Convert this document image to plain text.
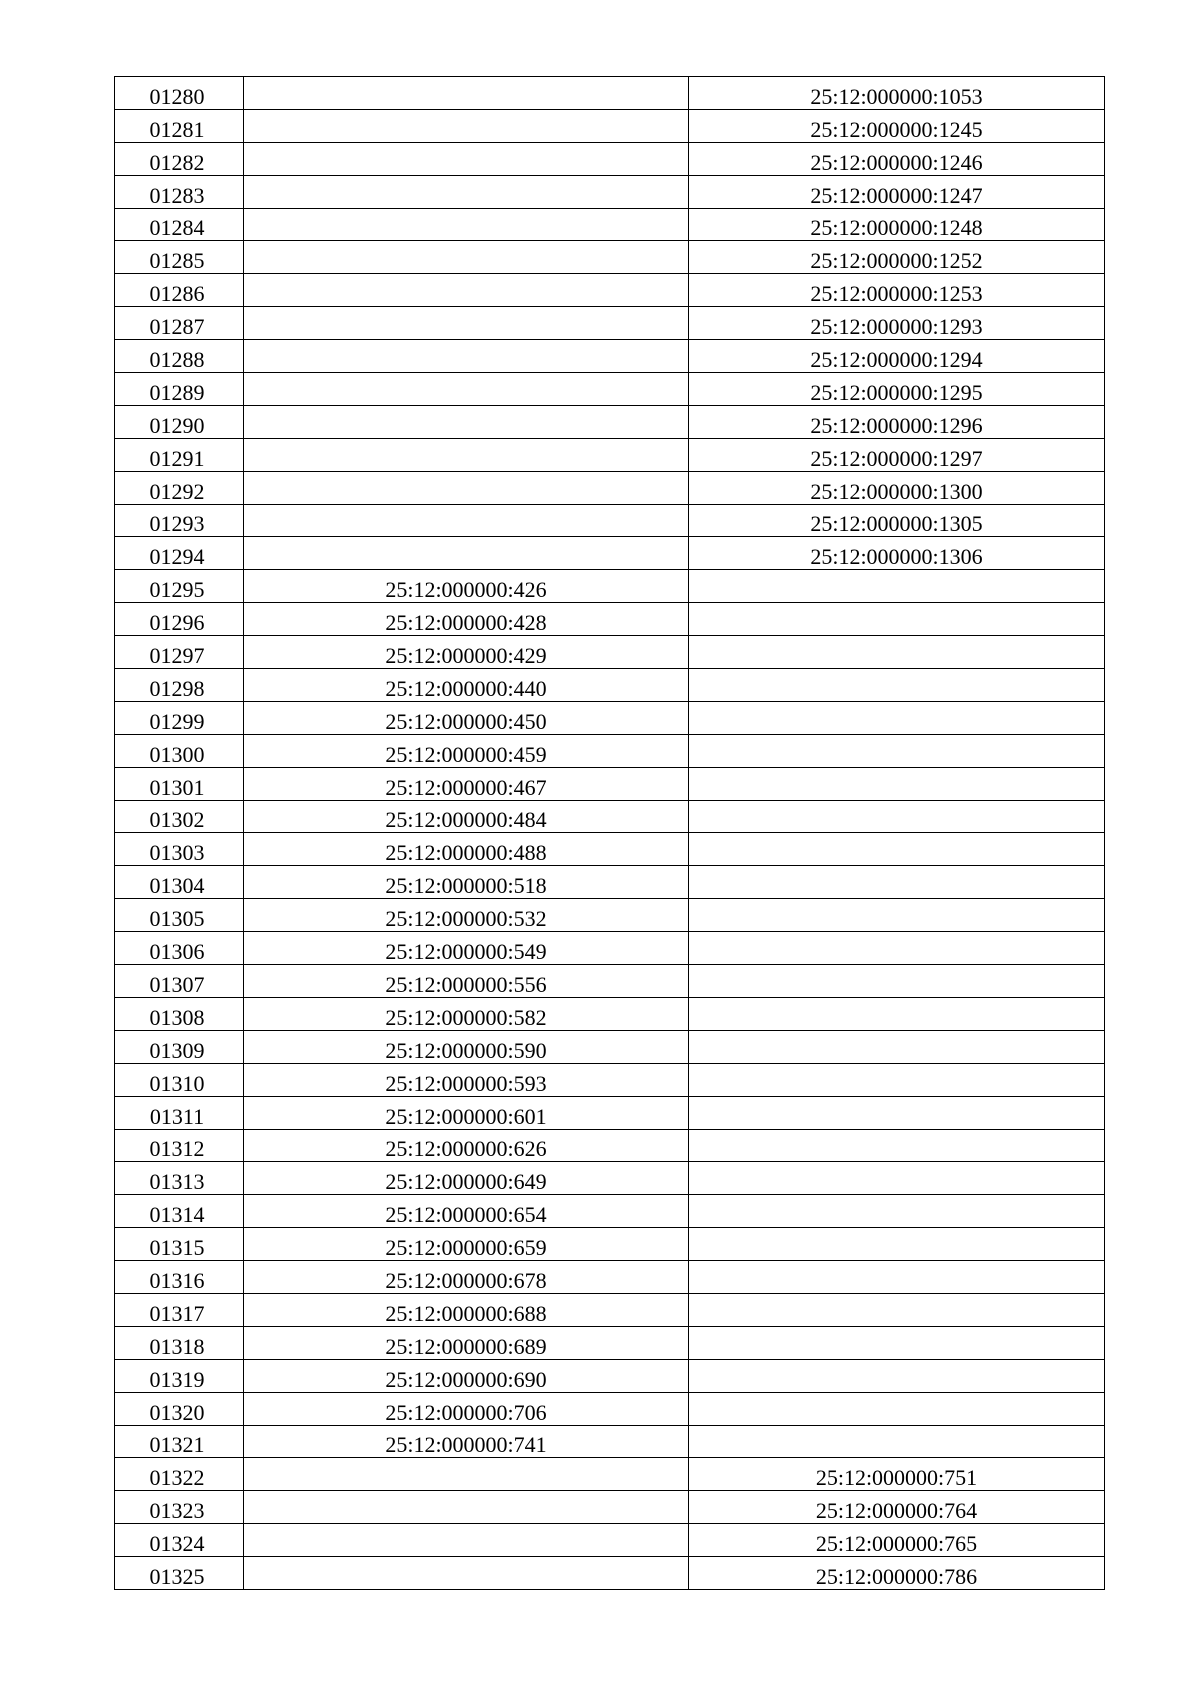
01280		25:12:000000:1053
01281		25:12:000000:1245
01282		25:12:000000:1246
01283		25:12:000000:1247
01284		25:12:000000:1248
01285		25:12:000000:1252
01286		25:12:000000:1253
01287		25:12:000000:1293
01288		25:12:000000:1294
01289		25:12:000000:1295
01290		25:12:000000:1296
01291		25:12:000000:1297
01292		25:12:000000:1300
01293		25:12:000000:1305
01294		25:12:000000:1306
01295	25:12:000000:426	
01296	25:12:000000:428	
01297	25:12:000000:429	
01298	25:12:000000:440	
01299	25:12:000000:450	
01300	25:12:000000:459	
01301	25:12:000000:467	
01302	25:12:000000:484	
01303	25:12:000000:488	
01304	25:12:000000:518	
01305	25:12:000000:532	
01306	25:12:000000:549	
01307	25:12:000000:556	
01308	25:12:000000:582	
01309	25:12:000000:590	
01310	25:12:000000:593	
01311	25:12:000000:601	
01312	25:12:000000:626	
01313	25:12:000000:649	
01314	25:12:000000:654	
01315	25:12:000000:659	
01316	25:12:000000:678	
01317	25:12:000000:688	
01318	25:12:000000:689	
01319	25:12:000000:690	
01320	25:12:000000:706	
01321	25:12:000000:741	
01322		25:12:000000:751
01323		25:12:000000:764
01324		25:12:000000:765
01325		25:12:000000:786
